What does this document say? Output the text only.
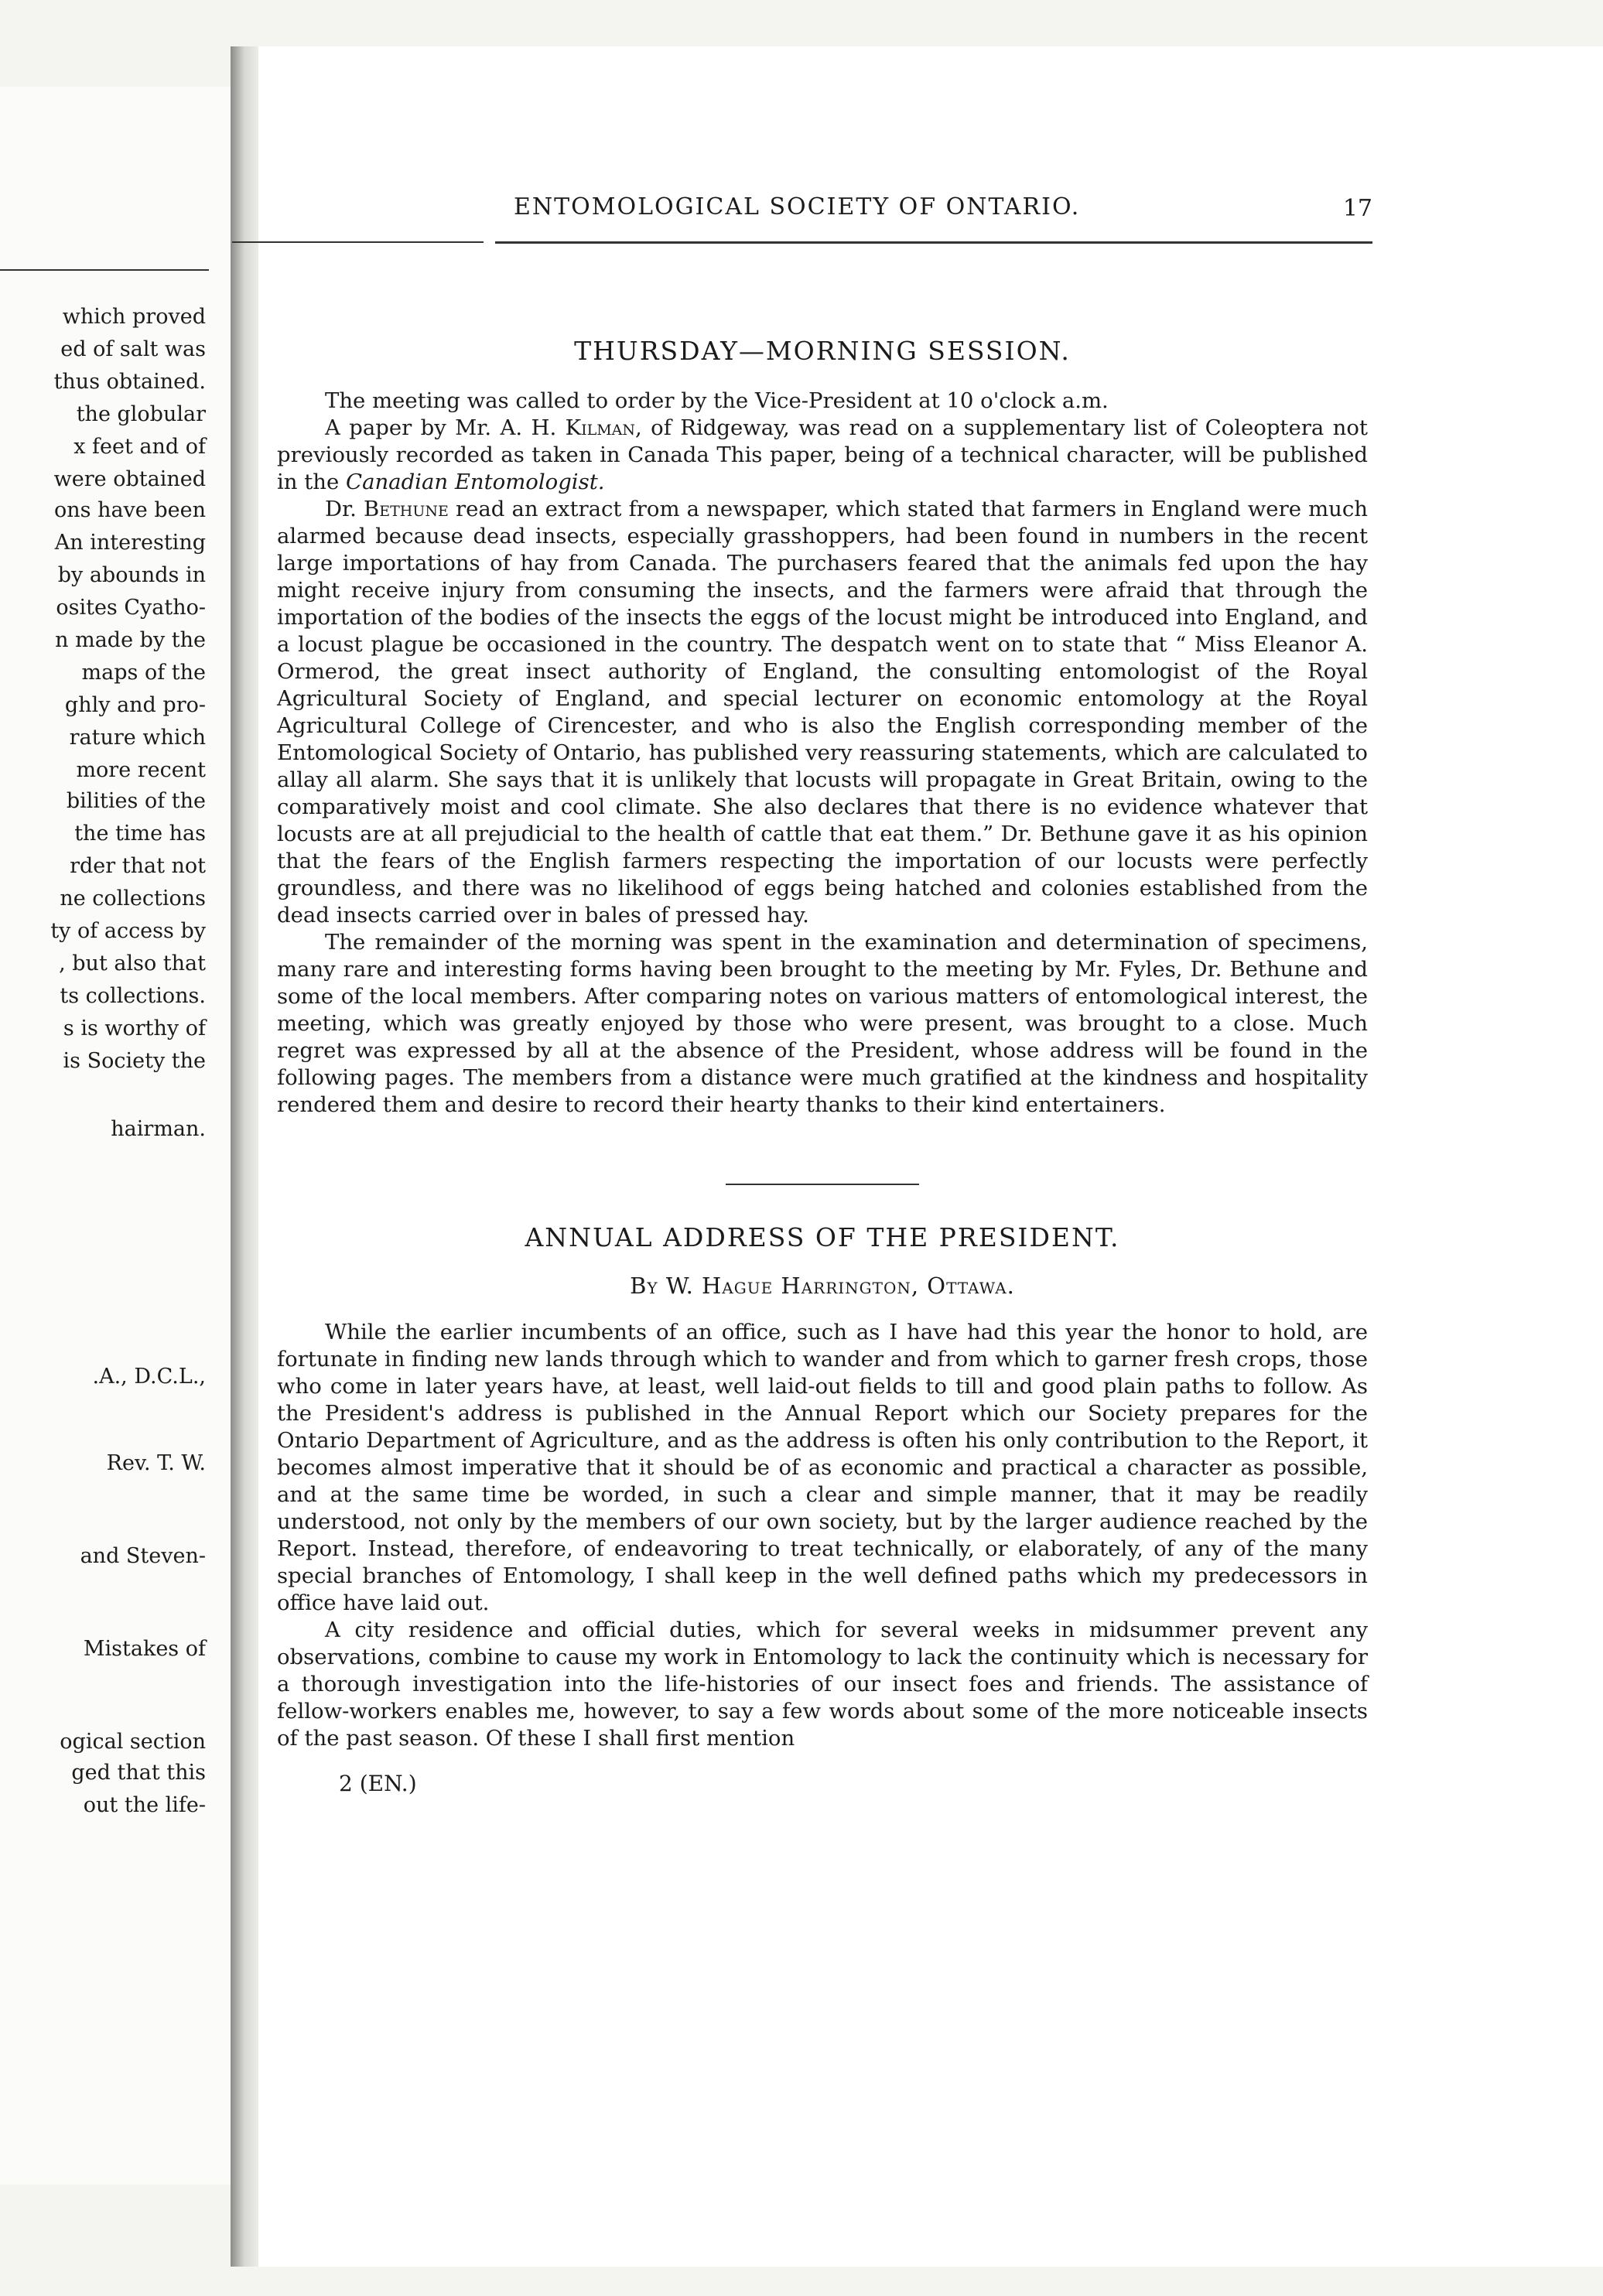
which proved
ed of salt was
thus obtained.
the globular
x feet and of
were obtained
ons have been
An interesting
by abounds in
osites Cyatho-
n made by the
maps of the
ghly and pro-
rature which
more recent
bilities of the
the time has
rder that not
ne collections
ty of access by
, but also that
ts collections.
s is worthy of
is Society the
hairman.
.A., D.C.L.,
Rev. T. W.
and Steven-
Mistakes of
ogical section
ged that this
out the life-
ENTOMOLOGICAL SOCIETY OF ONTARIO.	17
THURSDAY—MORNING SESSION.

The meeting was called to order by the Vice-President at 10 o'clock a.m.

A paper by Mr. A. H. Kilman, of Ridgeway, was read on a supplementary list of Coleoptera not previously recorded as taken in Canada This paper, being of a technical character, will be published in the Canadian Entomologist.

Dr. Bethune read an extract from a newspaper, which stated that farmers in England were much alarmed because dead insects, especially grasshoppers, had been found in numbers in the recent large importations of hay from Canada. The purchasers feared that the animals fed upon the hay might receive injury from consuming the insects, and the farmers were afraid that through the importation of the bodies of the insects the eggs of the locust might be introduced into England, and a locust plague be occasioned in the country. The despatch went on to state that “ Miss Eleanor A. Ormerod, the great insect authority of England, the consulting entomologist of the Royal Agricultural Society of England, and special lecturer on economic entomology at the Royal Agricultural College of Cirencester, and who is also the English corresponding member of the Entomological Society of Ontario, has published very reassuring statements, which are calculated to allay all alarm. She says that it is unlikely that locusts will propagate in Great Britain, owing to the comparatively moist and cool climate. She also declares that there is no evidence whatever that locusts are at all prejudicial to the health of cattle that eat them.” Dr. Bethune gave it as his opinion that the fears of the English farmers respecting the importation of our locusts were perfectly groundless, and there was no likelihood of eggs being hatched and colonies established from the dead insects carried over in bales of pressed hay.

The remainder of the morning was spent in the examination and determination of specimens, many rare and interesting forms having been brought to the meeting by Mr. Fyles, Dr. Bethune and some of the local members. After comparing notes on various matters of entomological interest, the meeting, which was greatly enjoyed by those who were present, was brought to a close. Much regret was expressed by all at the absence of the President, whose address will be found in the following pages. The members from a distance were much gratified at the kindness and hospitality rendered them and desire to record their hearty thanks to their kind entertainers.

ANNUAL ADDRESS OF THE PRESIDENT.

By W. Hague Harrington, Ottawa.

While the earlier incumbents of an office, such as I have had this year the honor to hold, are fortunate in finding new lands through which to wander and from which to garner fresh crops, those who come in later years have, at least, well laid-out fields to till and good plain paths to follow. As the President's address is published in the Annual Report which our Society prepares for the Ontario Department of Agriculture, and as the address is often his only contribution to the Report, it becomes almost imperative that it should be of as economic and practical a character as possible, and at the same time be worded, in such a clear and simple manner, that it may be readily understood, not only by the members of our own society, but by the larger audience reached by the Report. Instead, therefore, of endeavoring to treat technically, or elaborately, of any of the many special branches of Entomology, I shall keep in the well defined paths which my predecessors in office have laid out.

A city residence and official duties, which for several weeks in midsummer prevent any observations, combine to cause my work in Entomology to lack the continuity which is necessary for a thorough investigation into the life-histories of our insect foes and friends. The assistance of fellow-workers enables me, however, to say a few words about some of the more noticeable insects of the past season. Of these I shall first mention

2 (EN.)
